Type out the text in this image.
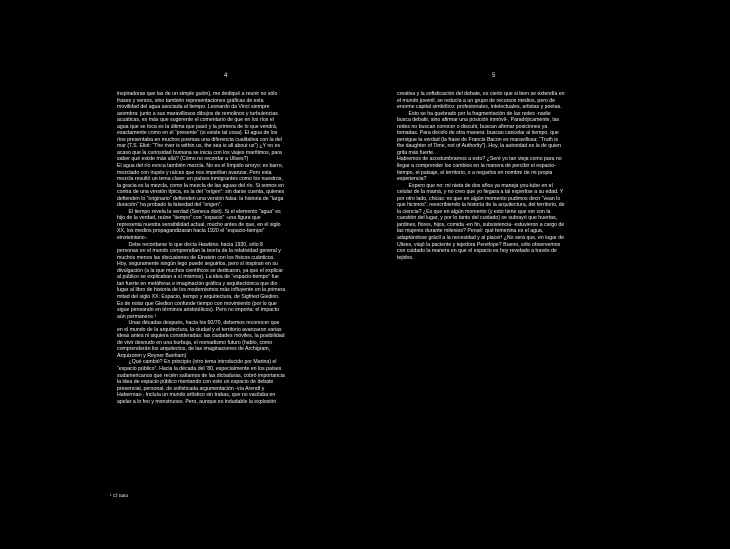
4
inspiradoras que las de un simple guión), me dediqué a reunir no sólo
frases y versos, sino también representaciones gráficas de esta
movilidad del agua asociada al tiempo. Leonardo da Vinci siempre
asombra: junto a sus maravillosos dibujos de remolinos y turbulencias
acuáticas, es más que sugerente el comentario de que en los ríos el
agua que se toca es la última que pasó y la primera de lo que vendrá,
exactamente como en el “presente” (si existe tal cosa). El agua de los
ríos presentaba en muchos poemas una diferencia cualitativa con la del
mar (T.S. Eliot: “The river is within us, the sea is all about us”) ¿Y no es
acaso que la curiosidad humana se inicia con los viajes marítimos, para
saber qué existe más allá? (Cómo no recordar a Ulises?)
El agua del río evoca también mezcla. No es el límpido arroyo: es barro,
mezclado con irupés y raíces que nos impedían avanzar. Pero esta
mezcla resultó un tema clave: en países inmigrantes como los nuestros,
la gracia es la mezcla, como la mezcla de las aguas del río. Si somos en
contra de una versión típica, es la del “origen”: sin darse cuenta, quienes
defienden lo “originario” defienden una versión falsa: la historia de “larga
duración” ha probado la falsedad del “origen”.
El tiempo revela la verdad (Seneca dixit). Si el elemento “agua” es
hijo de la verdad, reúne “tiempo” con “espacio” -una figura que
representa nuestra sensibilidad actual, mucho antes de que, en el siglo
XX, los medios propagandizaran hacia 1920 el “espacio-tiempo”
einsteiniano-.
Debe recordarse lo que decía Hawkins: hacia 1930, sólo 8
personas en el mundo comprendían la teoría de la relatividad general y
muchos menos las discusiones de Einstein con los físicos cuánticos.
Hoy, seguramente ningún lego puede seguirlos, pero sí inspiran en su
divulgación (a la que muchos científicos se dedicaron, ya que el explicar
al público se explicaban a sí mismos). La idea de “espacio-tiempo” fue
tan fuerte en metáforas e imaginación gráfica y arquitectónica que dio
lugar al libro de historia de los modernismos más influyente en la primera
mitad del siglo XX: Espacio, tiempo y arquitectura, de Sigfried Giedion.
Es de notar que Giedion confunde tiempo con movimiento (por lo que
sigue pensando en términos aristotélicos). Pero no importa: el impacto
aún permanece.¹
Unas décadas después, hacia los 60/70, debemos reconocer que
en el mundo de la arquitectura, la ciudad y el territorio avanzaron varias
ideas antes ni siquiera consideradas: las ciudades móviles, la posibilidad
de vivir desnudo en una burbuja, el nomadismo futuro (hablo, como
comprenderán los arquitectos, de las imaginaciones de Archigram,
Arquizoom y Reyner Banham)
¿Qué cambió? En principio (otro tema introducido por Marina) el
“espacio público”. Hacia la década del ’80, especialmente en los países
sudamericanos que recién salíamos de las dictaduras, cobró importancia
la idea de espacio público mentando con esto un espacio de debate
presencial, personal, de sofisticada argumentación -vía Arendt y
Habermas-. Incluía un mundo artístico sin trabas, que no vacilaba en
apelar a lo feo y monstruoso. Pero, aunque es indudable la explosión
¹ Cf Sato
5
creativa y la sofisticación del debate, es cierto que si bien se extendía en
el mundo juvenil, se reducía a un grupo de recursos medios, pero de
enorme capital simbólico: profesionales, intelectuales, artistas y poetas.
Esto se ha quebrado por la fragmentación de las redes -nadie
busca debatir, sino afirmar una posición inmóvil-. Paradójicamente, las
redes no buscan conocer o discutir, buscan afirmar posiciones ya
tomadas. Para decirlo de otra manera: buscan cancelar al tiempo, que
persigue la verdad (la frase de Francis Bacon es maravillosa: “Truth is
the daughter of Time, not of Authority”). Hoy, la autoridad es la de quien
grita más fuerte.
Habremos de acostumbrarnos a esto? ¿Seré yo tan vieja como para no
llegar a comprender los cambios en la manera de percibir el espacio-
tiempo, el paisaje, el territorio, o a negarlos en nombre de mi propia
experiencia?
Espero que no: mi nieta de dos años ya maneja you-tube en el
celular de la mamá, y no creo que yo llegara a tal expertise a su edad. Y
por otro lado, chicas: es que en algún momento pudimos decir “vean lo
que hicimos”, reescribiendo la historia de la arquitectura, del territorio, de
la ciencia? ¿Es que en algún momento (y esto tiene que ver con la
cuestión del lugar, y por lo tanto del cuidado) se subrayó que huertas,
jardines, flores, hijos, comida -en fin, subsistencia- estuvieron a cargo de
las mujeres durante milenios? Pensé: qué femenina es el agua,
adaptándose grácil a la necesidad y al placer! ¿No será que, en lugar de
Ulises, viajó la paciente y tejedora Penélope? Bueno, sólo observemos
con cuidado la manera en que el espacio es hoy revelado a través de
tejidos.
